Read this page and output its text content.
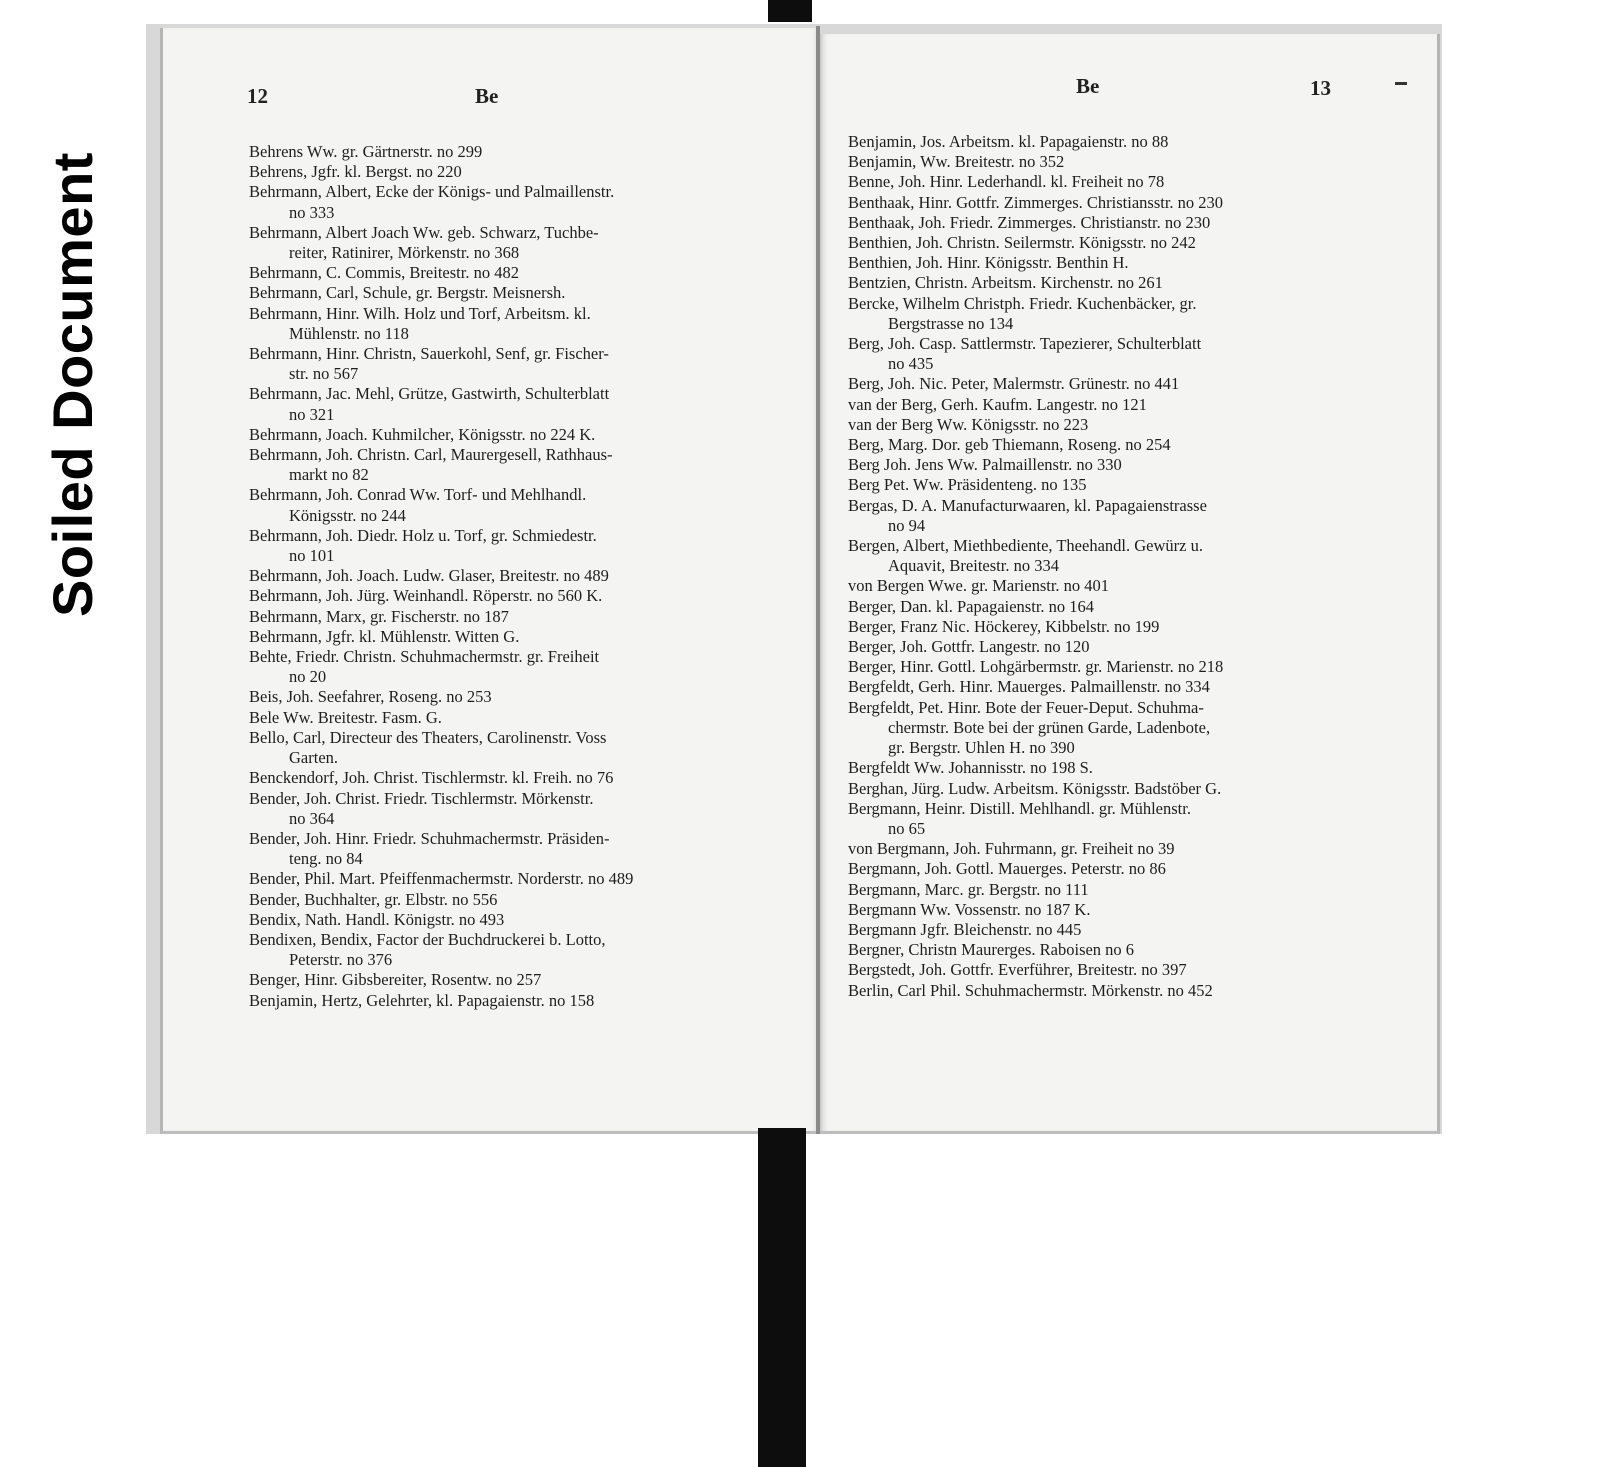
Soiled Document
12	Be
Behrens Ww. gr. Gärtnerstr. no 299
Behrens, Jgfr. kl. Bergst. no 220
Behrmann, Albert, Ecke der Königs- und Palmaillenstr.
no 333
Behrmann, Albert Joach Ww. geb. Schwarz, Tuchbe-
reiter, Ratinirer, Mörkenstr. no 368
Behrmann, C. Commis, Breitestr. no 482
Behrmann, Carl, Schule, gr. Bergstr. Meisnersh.
Behrmann, Hinr. Wilh. Holz und Torf, Arbeitsm. kl.
Mühlenstr. no 118
Behrmann, Hinr. Christn, Sauerkohl, Senf, gr. Fischer-
str. no 567
Behrmann, Jac. Mehl, Grütze, Gastwirth, Schulterblatt
no 321
Behrmann, Joach. Kuhmilcher, Königsstr. no 224 K.
Behrmann, Joh. Christn. Carl, Maurergesell, Rathhaus-
markt no 82
Behrmann, Joh. Conrad Ww. Torf- und Mehlhandl.
Königsstr. no 244
Behrmann, Joh. Diedr. Holz u. Torf, gr. Schmiedestr.
no 101
Behrmann, Joh. Joach. Ludw. Glaser, Breitestr. no 489
Behrmann, Joh. Jürg. Weinhandl. Röperstr. no 560 K.
Behrmann, Marx, gr. Fischerstr. no 187
Behrmann, Jgfr. kl. Mühlenstr. Witten G.
Behte, Friedr. Christn. Schuhmachermstr. gr. Freiheit
no 20
Beis, Joh. Seefahrer, Roseng. no 253
Bele Ww. Breitestr. Fasm. G.
Bello, Carl, Directeur des Theaters, Carolinenstr. Voss
Garten.
Benckendorf, Joh. Christ. Tischlermstr. kl. Freih. no 76
Bender, Joh. Christ. Friedr. Tischlermstr. Mörkenstr.
no 364
Bender, Joh. Hinr. Friedr. Schuhmachermstr. Präsiden-
teng. no 84
Bender, Phil. Mart. Pfeiffenmachermstr. Norderstr. no 489
Bender, Buchhalter, gr. Elbstr. no 556
Bendix, Nath. Handl. Königstr. no 493
Bendixen, Bendix, Factor der Buchdruckerei b. Lotto,
Peterstr. no 376
Benger, Hinr. Gibsbereiter, Rosentw. no 257
Benjamin, Hertz, Gelehrter, kl. Papagaienstr. no 158
Be	13
Benjamin, Jos. Arbeitsm. kl. Papagaienstr. no 88
Benjamin, Ww. Breitestr. no 352
Benne, Joh. Hinr. Lederhandl. kl. Freiheit no 78
Benthaak, Hinr. Gottfr. Zimmerges. Christiansstr. no 230
Benthaak, Joh. Friedr. Zimmerges. Christianstr. no 230
Benthien, Joh. Christn. Seilermstr. Königsstr. no 242
Benthien, Joh. Hinr. Königsstr. Benthin H.
Bentzien, Christn. Arbeitsm. Kirchenstr. no 261
Bercke, Wilhelm Christph. Friedr. Kuchenbäcker, gr.
Bergstrasse no 134
Berg, Joh. Casp. Sattlermstr. Tapezierer, Schulterblatt
no 435
Berg, Joh. Nic. Peter, Malermstr. Grünestr. no 441
van der Berg, Gerh. Kaufm. Langestr. no 121
van der Berg Ww. Königsstr. no 223
Berg, Marg. Dor. geb Thiemann, Roseng. no 254
Berg Joh. Jens Ww. Palmaillenstr. no 330
Berg Pet. Ww. Präsidenteng. no 135
Bergas, D. A. Manufacturwaaren, kl. Papagaienstrasse
no 94
Bergen, Albert, Miethbediente, Theehandl. Gewürz u.
Aquavit, Breitestr. no 334
von Bergen Wwe. gr. Marienstr. no 401
Berger, Dan. kl. Papagaienstr. no 164
Berger, Franz Nic. Höckerey, Kibbelstr. no 199
Berger, Joh. Gottfr. Langestr. no 120
Berger, Hinr. Gottl. Lohgärbermstr. gr. Marienstr. no 218
Bergfeldt, Gerh. Hinr. Mauerges. Palmaillenstr. no 334
Bergfeldt, Pet. Hinr. Bote der Feuer-Deput. Schuhma-
chermstr. Bote bei der grünen Garde, Ladenbote,
gr. Bergstr. Uhlen H. no 390
Bergfeldt Ww. Johannisstr. no 198 S.
Berghan, Jürg. Ludw. Arbeitsm. Königsstr. Badstöber G.
Bergmann, Heinr. Distill. Mehlhandl. gr. Mühlenstr.
no 65
von Bergmann, Joh. Fuhrmann, gr. Freiheit no 39
Bergmann, Joh. Gottl. Mauerges. Peterstr. no 86
Bergmann, Marc. gr. Bergstr. no 111
Bergmann Ww. Vossenstr. no 187 K.
Bergmann Jgfr. Bleichenstr. no 445
Bergner, Christn Maurerges. Raboisen no 6
Bergstedt, Joh. Gottfr. Everführer, Breitestr. no 397
Berlin, Carl Phil. Schuhmachermstr. Mörkenstr. no 452
